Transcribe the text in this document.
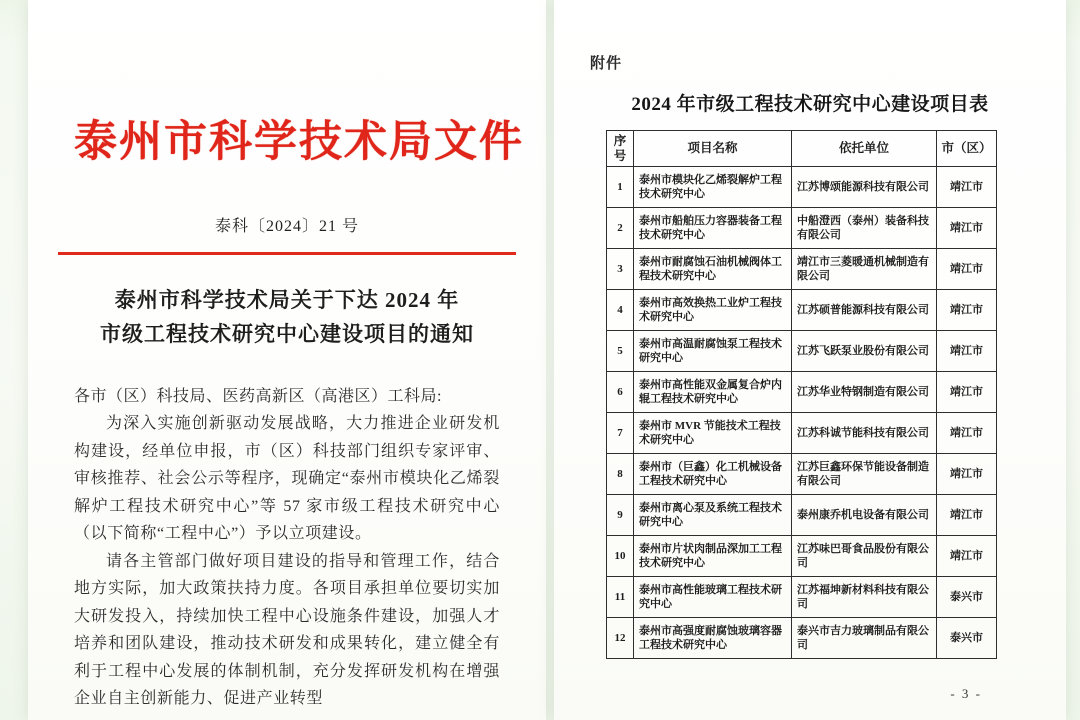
泰州市科学技术局文件
泰科〔2024〕21 号
泰州市科学技术局关于下达 2024 年
市级工程技术研究中心建设项目的通知
各市（区）科技局、医药高新区（高港区）工科局:

为深入实施创新驱动发展战略，大力推进企业研发机构建设，经单位申报，市（区）科技部门组织专家评审、审核推荐、社会公示等程序，现确定“泰州市模块化乙烯裂解炉工程技术研究中心”等 57 家市级工程技术研究中心（以下简称“工程中心”）予以立项建设。

请各主管部门做好项目建设的指导和管理工作，结合地方实际，加大政策扶持力度。各项目承担单位要切实加大研发投入，持续加快工程中心设施条件建设，加强人才培养和团队建设，推动技术研发和成果转化，建立健全有利于工程中心发展的体制机制，充分发挥研发机构在增强企业自主创新能力、促进产业转型

附件
2024 年市级工程技术研究中心建设项目表
序号	项目名称	依托单位	市（区）
1	泰州市模块化乙烯裂解炉工程技术研究中心	江苏博颂能源科技有限公司	靖江市
2	泰州市船舶压力容器装备工程技术研究中心	中船澄西（泰州）装备科技有限公司	靖江市
3	泰州市耐腐蚀石油机械阀体工程技术研究中心	靖江市三菱暖通机械制造有限公司	靖江市
4	泰州市高效换热工业炉工程技术研究中心	江苏硕普能源科技有限公司	靖江市
5	泰州市高温耐腐蚀泵工程技术研究中心	江苏飞跃泵业股份有限公司	靖江市
6	泰州市高性能双金属复合炉内辊工程技术研究中心	江苏华业特钢制造有限公司	靖江市
7	泰州市 MVR 节能技术工程技术研究中心	江苏科诚节能科技有限公司	靖江市
8	泰州市（巨鑫）化工机械设备工程技术研究中心	江苏巨鑫环保节能设备制造有限公司	靖江市
9	泰州市离心泵及系统工程技术研究中心	泰州康乔机电设备有限公司	靖江市
10	泰州市片状肉制品深加工工程技术研究中心	江苏味巴哥食品股份有限公司	靖江市
11	泰州市高性能玻璃工程技术研究中心	江苏福坤新材料科技有限公司	泰兴市
12	泰州市高强度耐腐蚀玻璃容器工程技术研究中心	泰兴市吉力玻璃制品有限公司	泰兴市
- 3 -
